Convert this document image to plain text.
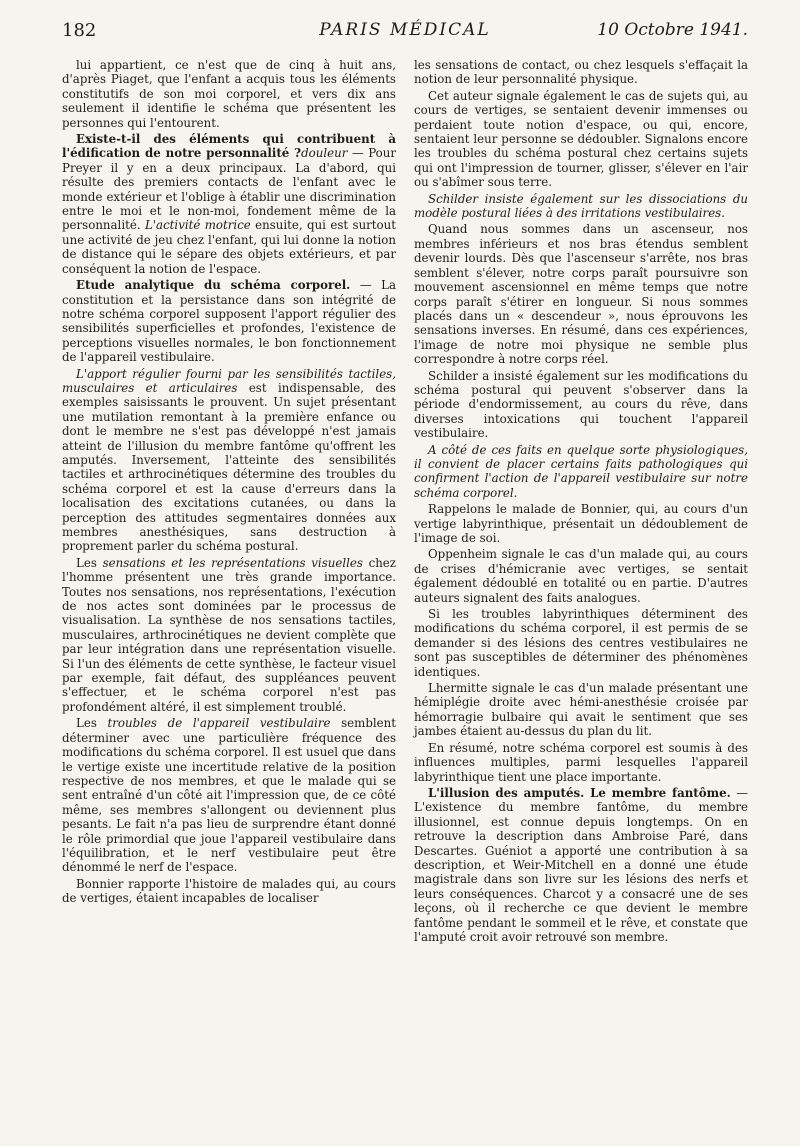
182	PARIS MÉDICAL	10 Octobre 1941.

lui appartient, ce n'est que de cinq à huit ans, d'après Piaget, que l'enfant a acquis tous les éléments constitutifs de son moi corporel, et vers dix ans seulement il identifie le schéma que présentent les personnes qui l'entourent.

Existe-t-il des éléments qui contribuent à l'édification de notre personnalité ?douleur — Pour Preyer il y en a deux principaux. La d'abord, qui résulte des premiers contacts de l'enfant avec le monde extérieur et l'oblige à établir une discrimination entre le moi et le non-moi, fondement même de la personnalité. L'activité motrice ensuite, qui est surtout une activité de jeu chez l'enfant, qui lui donne la notion de distance qui le sépare des objets extérieurs, et par conséquent la notion de l'espace.

Etude analytique du schéma corporel. — La constitution et la persistance dans son intégrité de notre schéma corporel supposent l'apport régulier des sensibilités superficielles et profondes, l'existence de perceptions visuelles normales, le bon fonctionnement de l'appareil vestibulaire.

L'apport régulier fourni par les sensibilités tactiles, musculaires et articulaires est indispensable, des exemples saisissants le prouvent. Un sujet présentant une mutilation remontant à la première enfance ou dont le membre ne s'est pas développé n'est jamais atteint de l'illusion du membre fantôme qu'offrent les amputés. Inversement, l'atteinte des sensibilités tactiles et arthrocinétiques détermine des troubles du schéma corporel et est la cause d'erreurs dans la localisation des excitations cutanées, ou dans la perception des attitudes segmentaires données aux membres anesthésiques, sans destruction à proprement parler du schéma postural.

Les sensations et les représentations visuelles chez l'homme présentent une très grande importance. Toutes nos sensations, nos représentations, l'exécution de nos actes sont dominées par le processus de visualisation. La synthèse de nos sensations tactiles, musculaires, arthrocinétiques ne devient complète que par leur intégration dans une représentation visuelle. Si l'un des éléments de cette synthèse, le facteur visuel par exemple, fait défaut, des suppléances peuvent s'effectuer, et le schéma corporel n'est pas profondément altéré, il est simplement troublé.

Les troubles de l'appareil vestibulaire semblent déterminer avec une particulière fréquence des modifications du schéma corporel. Il est usuel que dans le vertige existe une incertitude relative de la position respective de nos membres, et que le malade qui se sent entraîné d'un côté ait l'impression que, de ce côté même, ses membres s'allongent ou deviennent plus pesants. Le fait n'a pas lieu de surprendre étant donné le rôle primordial que joue l'appareil vestibulaire dans l'équilibration, et le nerf vestibulaire peut être dénommé le nerf de l'espace.

Bonnier rapporte l'histoire de malades qui, au cours de vertiges, étaient incapables de localiser

les sensations de contact, ou chez lesquels s'effaçait la notion de leur personnalité physique.

Cet auteur signale également le cas de sujets qui, au cours de vertiges, se sentaient devenir immenses ou perdaient toute notion d'espace, ou qui, encore, sentaient leur personne se dédoubler. Signalons encore les troubles du schéma postural chez certains sujets qui ont l'impression de tourner, glisser, s'élever en l'air ou s'abîmer sous terre.

Schilder insiste également sur les dissociations du modèle postural liées à des irritations vestibulaires.

Quand nous sommes dans un ascenseur, nos membres inférieurs et nos bras étendus semblent devenir lourds. Dès que l'ascenseur s'arrête, nos bras semblent s'élever, notre corps paraît poursuivre son mouvement ascensionnel en même temps que notre corps paraît s'étirer en longueur. Si nous sommes placés dans un « descendeur », nous éprouvons les sensations inverses. En résumé, dans ces expériences, l'image de notre moi physique ne semble plus correspondre à notre corps réel.

Schilder a insisté également sur les modifications du schéma postural qui peuvent s'observer dans la période d'endormissement, au cours du rêve, dans diverses intoxications qui touchent l'appareil vestibulaire.

A côté de ces faits en quelque sorte physiologiques, il convient de placer certains faits pathologiques qui confirment l'action de l'appareil vestibulaire sur notre schéma corporel.

Rappelons le malade de Bonnier, qui, au cours d'un vertige labyrinthique, présentait un dédoublement de l'image de soi.

Oppenheim signale le cas d'un malade qui, au cours de crises d'hémicranie avec vertiges, se sentait également dédoublé en totalité ou en partie. D'autres auteurs signalent des faits analogues.

Si les troubles labyrinthiques déterminent des modifications du schéma corporel, il est permis de se demander si des lésions des centres vestibulaires ne sont pas susceptibles de déterminer des phénomènes identiques.

Lhermitte signale le cas d'un malade présentant une hémiplégie droite avec hémi-anesthésie croisée par hémorragie bulbaire qui avait le sentiment que ses jambes étaient au-dessus du plan du lit.

En résumé, notre schéma corporel est soumis à des influences multiples, parmi lesquelles l'appareil labyrinthique tient une place importante.

L'illusion des amputés. Le membre fantôme. — L'existence du membre fantôme, du membre illusionnel, est connue depuis longtemps. On en retrouve la description dans Ambroise Paré, dans Descartes. Guéniot a apporté une contribution à sa description, et Weir-Mitchell en a donné une étude magistrale dans son livre sur les lésions des nerfs et leurs conséquences. Charcot y a consacré une de ses leçons, où il recherche ce que devient le membre fantôme pendant le sommeil et le rêve, et constate que l'amputé croit avoir retrouvé son membre.
